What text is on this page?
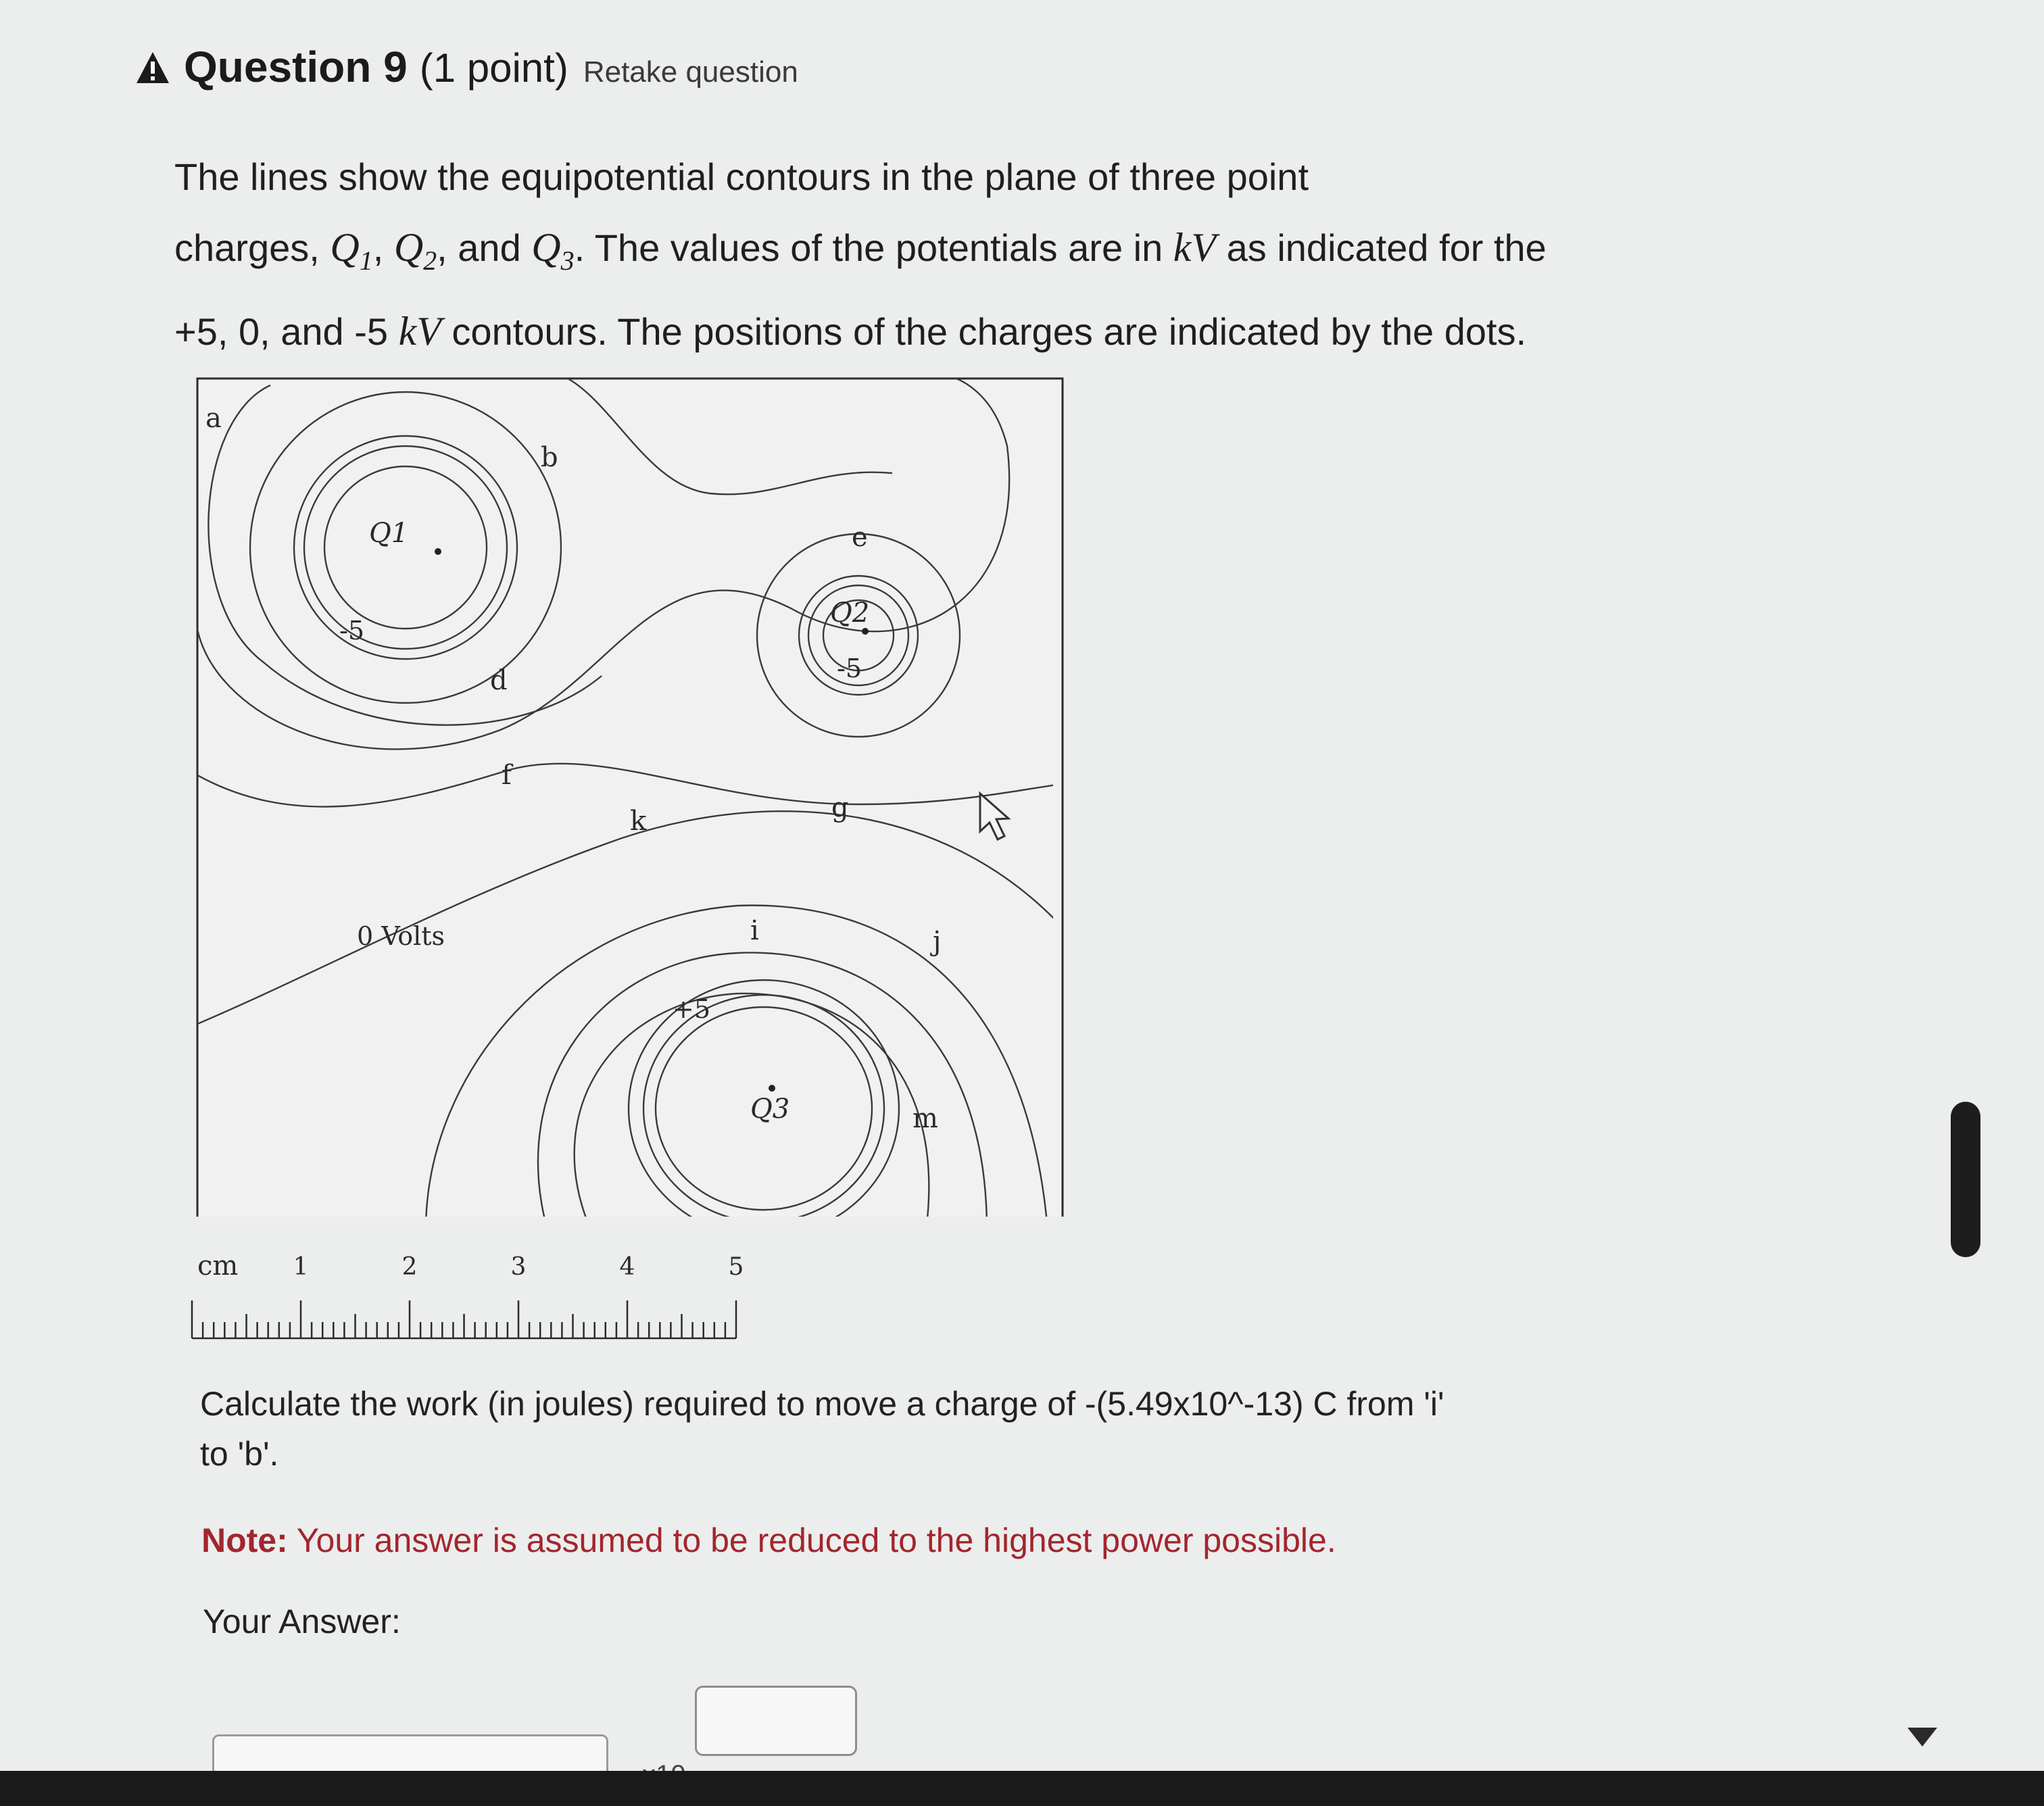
Question 9 (1 point) Retake question
The lines show the equipotential contours in the plane of three point
charges, $Q_1$, $Q_2$, and $Q_3$. The values of the potentials are in kV as indicated for the
+5, 0, and -5 kV contours. The positions of the charges are indicated by the dots.
a
b
d
e
f
k	g
i	j
m
Q1
Q2
Q3
-5
-5
0 Volts
+5
cm 1	2	3	4	5
Calculate the work (in joules) required to move a charge of -(5.49x10^-13) C from 'i'
to 'b'.
Note: Your answer is assumed to be reduced to the highest power possible.
Your Answer:
